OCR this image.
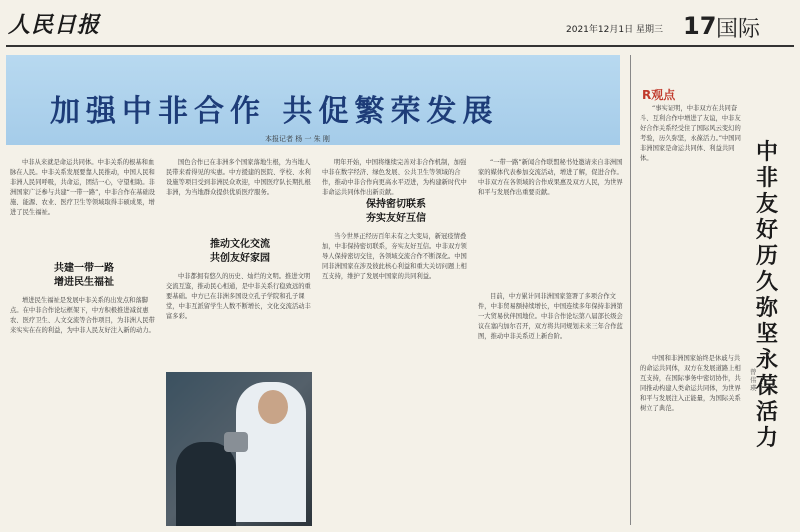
人民日报	2021年12月1日 星期三 17 国际
加强中非合作 共促繁荣发展
本报记者 杨 一 朱 刚

中非从来就是命运共同体。中非关系的根基和血脉在人民。中非关系发展要靠人民推动，中国人民和非洲人民同呼吸，共命运，团结一心，守望相助。非洲国家广泛参与共建“一带一路”，中非合作在基础设施、能源、农业、医疗卫生等领域取得丰硕成果，增进了民生福祉。

共建一带一路
增进民生福祉

增进民生福祉是发展中非关系的出发点和落脚点。在中非合作论坛框架下，中方积极推进减贫惠农、医疗卫生、人文交流等合作项目，为非洲人民带来实实在在的利益，为中非人民友好注入新的动力。

国色合作已在非洲多个国家落地生根，为当地人民带来看得见的实惠。中方援建的医院、学校、水利设施等项目受到非洲民众欢迎，中国医疗队长期扎根非洲，为当地群众提供优质医疗服务。

推动文化交流
共创友好家园

中非都拥有悠久的历史、灿烂的文明。推进文明交流互鉴，推动民心相通，是中非关系行稳致远的重要基础。中方已在非洲多国设立孔子学院和孔子课堂，中非互派留学生人数不断增长，文化交流活动丰富多彩。

明年开始，中国将继续完善对非合作机制，加强中非在数字经济、绿色发展、公共卫生等领域的合作，推动中非合作向更高水平迈进，为构建新时代中非命运共同体作出新贡献。

保持密切联系
夯实友好互信

当今世界正经历百年未有之大变局，新冠疫情叠加，中非保持密切联系，夯实友好互信。中非双方领导人保持密切交往，各领域交流合作不断深化。中国同非洲国家在涉及彼此核心利益和重大关切问题上相互支持，维护了发展中国家的共同利益。

“一带一路”新闻合作联盟秘书处邀请来自非洲国家的媒体代表参加交流活动，增进了解，促进合作。中非双方在各领域的合作成果惠及双方人民，为世界和平与发展作出重要贡献。

目前，中方累计同非洲国家签署了多项合作文件，中非贸易额持续增长，中国连续多年保持非洲第一大贸易伙伴国地位。中非合作论坛第八届部长级会议在塞内加尔召开，双方将共同规划未来三年合作蓝图，推动中非关系迈上新台阶。

R观点

“事实证明，中非双方在共同奋斗、互利合作中增进了友谊，中非友好合作关系经受住了国际风云变幻的考验，历久弥坚，永葆活力。”中国同非洲国家是命运共同体、利益共同体。

中国和非洲国家始终是休戚与共的命运共同体，双方在发展道路上相互支持，在国际事务中密切协作，共同推动构建人类命运共同体，为世界和平与发展注入正能量，为国际关系树立了典范。

中非友好历久弥坚永葆活力
曾 伟 瑛
